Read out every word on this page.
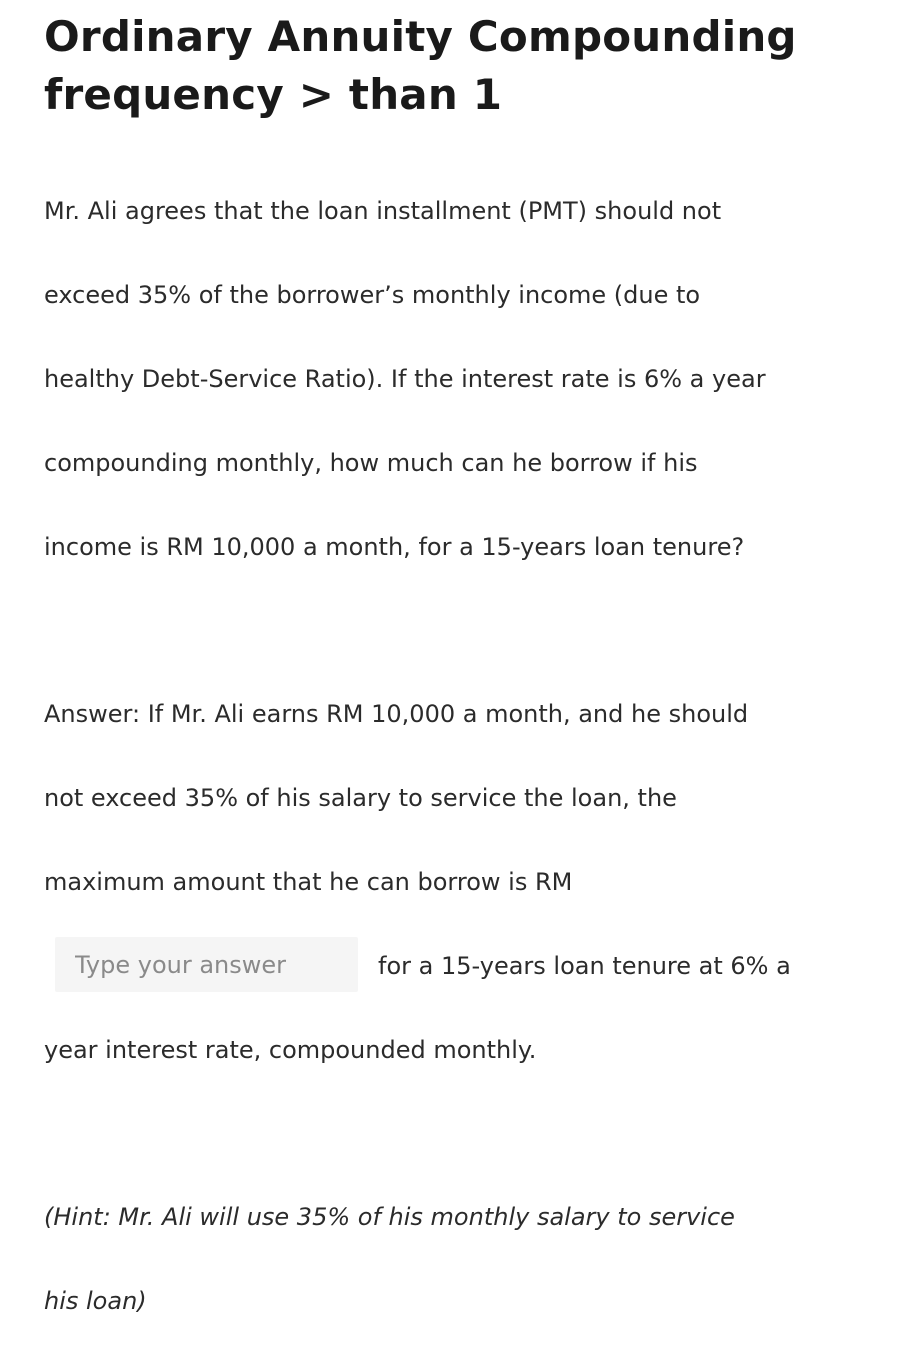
Ordinary Annuity Compounding frequency > than 1

Mr. Ali agrees that the loan installment (PMT) should not

exceed 35% of the borrower’s monthly income (due to

healthy Debt-Service Ratio). If the interest rate is 6% a year

compounding monthly, how much can he borrow if his

income is RM 10,000 a month, for a 15-years loan tenure?

Answer: If Mr. Ali earns RM 10,000 a month, and he should

not exceed 35% of his salary to service the loan, the

maximum amount that he can borrow is RM

Type your answer

for a 15-years loan tenure at 6% a

year interest rate, compounded monthly.

(Hint: Mr. Ali will use 35% of his monthly salary to service

his loan)
